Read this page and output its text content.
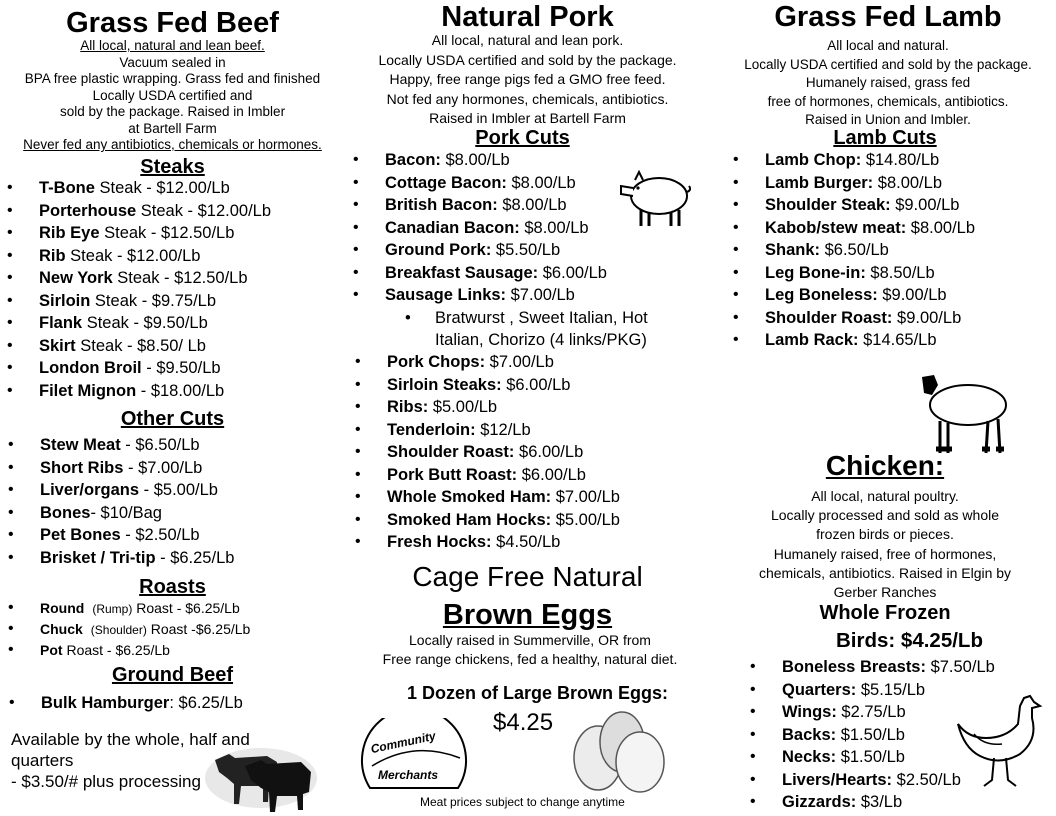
Grass Fed Beef
All local, natural and lean beef.
Vacuum sealed in
BPA free plastic wrapping. Grass fed and finished
Locally USDA certified and
sold by the package. Raised in Imbler
at Bartell Farm
Never fed any antibiotics, chemicals or hormones.
Steaks
• T-Bone Steak - $12.00/Lb
• Porterhouse Steak - $12.00/Lb
• Rib Eye Steak - $12.50/Lb
• Rib Steak - $12.00/Lb
• New York Steak - $12.50/Lb
• Sirloin Steak - $9.75/Lb
• Flank Steak - $9.50/Lb
• Skirt Steak - $8.50/ Lb
• London Broil - $9.50/Lb
• Filet Mignon - $18.00/Lb
Other Cuts
• Stew Meat - $6.50/Lb
• Short Ribs - $7.00/Lb
• Liver/organs - $5.00/Lb
• Bones- $10/Bag
• Pet Bones - $2.50/Lb
• Brisket / Tri-tip - $6.25/Lb
Roasts
• Round (Rump) Roast - $6.25/Lb
• Chuck (Shoulder) Roast -$6.25/Lb
• Pot Roast - $6.25/Lb
Ground Beef
• Bulk Hamburger: $6.25/Lb
Available by the whole, half and
quarters
- $3.50/# plus processing
Natural Pork
All local, natural and lean pork.
Locally USDA certified and sold by the package.
Happy, free range pigs fed a GMO free feed.
Not fed any hormones, chemicals, antibiotics.
Raised in Imbler at Bartell Farm
Pork Cuts
• Bacon: $8.00/Lb
• Cottage Bacon: $8.00/Lb
• British Bacon: $8.00/Lb
• Canadian Bacon: $8.00/Lb
• Ground Pork: $5.50/Lb
• Breakfast Sausage: $6.00/Lb
• Sausage Links: $7.00/Lb
• Bratwurst , Sweet Italian, Hot
Italian, Chorizo (4 links/PKG)
• Pork Chops: $7.00/Lb
• Sirloin Steaks: $6.00/Lb
• Ribs: $5.00/Lb
• Tenderloin: $12/Lb
• Shoulder Roast: $6.00/Lb
• Pork Butt Roast: $6.00/Lb
• Whole Smoked Ham: $7.00/Lb
• Smoked Ham Hocks: $5.00/Lb
• Fresh Hocks: $4.50/Lb
Cage Free Natural
Brown Eggs
Locally raised in Summerville, OR from
Free range chickens, fed a healthy, natural diet.
1 Dozen of Large Brown Eggs:
$4.25
Community
Merchants
Meat prices subject to change anytime
Grass Fed Lamb
All local and natural.
Locally USDA certified and sold by the package.
Humanely raised, grass fed
free of hormones, chemicals, antibiotics.
Raised in Union and Imbler.
Lamb Cuts
• Lamb Chop: $14.80/Lb
• Lamb Burger: $8.00/Lb
• Shoulder Steak: $9.00/Lb
• Kabob/stew meat: $8.00/Lb
• Shank: $6.50/Lb
• Leg Bone-in: $8.50/Lb
• Leg Boneless: $9.00/Lb
• Shoulder Roast: $9.00/Lb
• Lamb Rack: $14.65/Lb
Chicken:
All local, natural poultry.
Locally processed and sold as whole
frozen birds or pieces.
Humanely raised, free of hormones,
chemicals, antibiotics. Raised in Elgin by
Gerber Ranches
Whole Frozen
Birds: $4.25/Lb
• Boneless Breasts: $7.50/Lb
• Quarters: $5.15/Lb
• Wings: $2.75/Lb
• Backs: $1.50/Lb
• Necks: $1.50/Lb
• Livers/Hearts: $2.50/Lb
• Gizzards: $3/Lb
